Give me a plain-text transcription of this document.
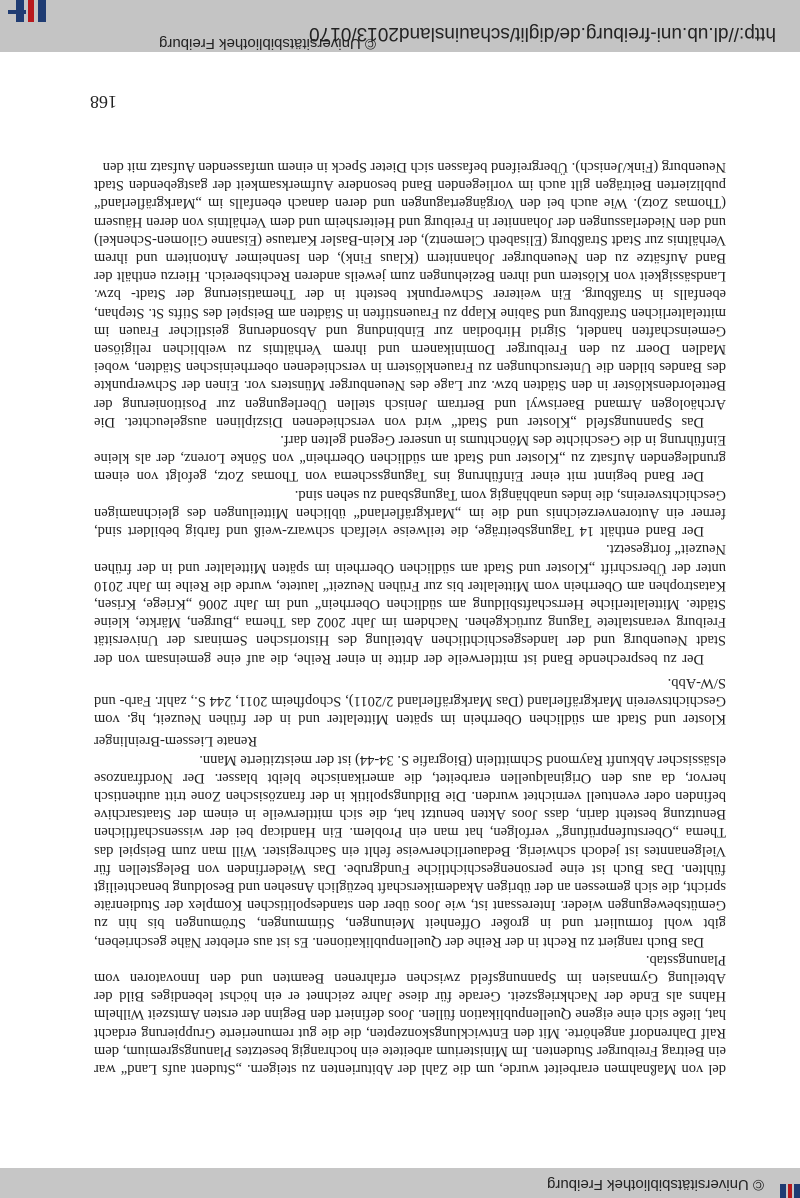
© Universitätsbibliothek Freiburg

del von Maßnahmen erarbeitet wurde, um die Zahl der Abiturienten zu steigern. „Student aufs Land“ war ein Beitrag Freiburger Studenten. Im Ministerium arbeitete ein hochrangig besetztes Planungsgremium, dem Ralf Dahrendorf angehörte. Mit den Entwicklungskonzepten, die die gut remunerierte Gruppierung erdacht hat, ließe sich eine eigene Quellenpublikation füllen. Joos definiert den Beginn der ersten Amtszeit Wilhelm Hahns als Ende der Nachkriegszeit. Gerade für diese Jahre zeichnet er ein höchst lebendiges Bild der Abteilung Gymnasien im Spannungsfeld zwischen erfahrenen Beamten und den Innovatoren vom Planungsstab.

Das Buch rangiert zu Recht in der Reihe der Quellenpublikationen. Es ist aus erlebter Nähe geschrieben, gibt wohl formuliert und in großer Offenheit Meinungen, Stimmungen, Strömungen bis hin zu Gemütsbewegungen wieder. Interessant ist, wie Joos über den standespolitischen Komplex der Studienräte spricht, die sich gemessen an der übrigen Akademikerschaft bezüglich Ansehen und Besoldung benachteiligt fühlten. Das Buch ist eine personengeschichtliche Fundgrube. Das Wiederfinden von Belegstellen für Vielgenanntes ist jedoch schwierig. Bedauerlicherweise fehlt ein Sachregister. Will man zum Beispiel das Thema „Oberstufenprüfung“ verfolgen, hat man ein Problem. Ein Handicap bei der wissenschaftlichen Benutzung besteht darin, dass Joos Akten benutzt hat, die sich mittlerweile in einem der Staatsarchive befinden oder eventuell vernichtet wurden. Die Bildungspolitik in der französischen Zone tritt authentisch hervor, da aus den Originalquellen erarbeitet, die amerikanische bleibt blasser. Der Nordfranzose elsässischer Abkunft Raymond Schmittlein (Biografie S. 34-44) ist der meistzitierte Mann.

Renate Liessem-Breinlinger

Kloster und Stadt am südlichen Oberrhein im späten Mittelalter und in der frühen Neuzeit, hg. vom Geschichtsverein Markgräflerland (Das Markgräflerland 2/2011), Schopfheim 2011, 244 S., zahlr. Farb- und S/W-Abb.

Der zu besprechende Band ist mittlerweile der dritte in einer Reihe, die auf eine gemeinsam von der Stadt Neuenburg und der landesgeschichtlichen Abteilung des Historischen Seminars der Universität Freiburg veranstaltete Tagung zurückgehen. Nachdem im Jahr 2002 das Thema „Burgen, Märkte, kleine Städte. Mittelalterliche Herrschaftsbildung am südlichen Oberrhein“ und im Jahr 2006 „Kriege, Krisen, Katastrophen am Oberrhein vom Mittelalter bis zur Frühen Neuzeit“ lautete, wurde die Reihe im Jahr 2010 unter der Überschrift „Kloster und Stadt am südlichen Oberrhein im späten Mittelalter und in der frühen Neuzeit“ fortgesetzt.

Der Band enthält 14 Tagungsbeiträge, die teilweise vielfach schwarz-weiß und farbig bebildert sind, ferner ein Autorenverzeichnis und die im „Markgräflerland“ üblichen Mitteilungen des gleichnamigen Geschichtsvereins, die indes unabhängig vom Tagungsband zu sehen sind.

Der Band beginnt mit einer Einführung ins Tagungsschema von Thomas Zotz, gefolgt von einem grundlegenden Aufsatz zu „Kloster und Stadt am südlichen Oberrhein“ von Sönke Lorenz, der als kleine Einführung in die Geschichte des Mönchtums in unserer Gegend gelten darf.

Das Spannungsfeld „Kloster und Stadt“ wird von verschiedenen Disziplinen ausgeleuchtet. Die Archäologen Armand Baeriswyl und Bertram Jenisch stellen Überlegungen zur Positionierung der Bettelordensklöster in den Städten bzw. zur Lage des Neuenburger Münsters vor. Einen der Schwerpunkte des Bandes bilden die Untersuchungen zu Frauenklöstern in verschiedenen oberrheinischen Städten, wobei Madlen Doerr zu den Freiburger Dominikanern und ihrem Verhältnis zu weiblichen religiösen Gemeinschaften handelt, Sigrid Hirbodian zur Einbindung und Absonderung geistlicher Frauen im mittelalterlichen Straßburg und Sabine Klapp zu Frauenstiften in Städten am Beispiel des Stifts St. Stephan, ebenfalls in Straßburg. Ein weiterer Schwerpunkt besteht in der Thematisierung der Stadt- bzw. Landsässigkeit von Klöstern und ihren Beziehungen zum jeweils anderen Rechtsbereich. Hierzu enthält der Band Aufsätze zu den Neuenburger Johannitern (Klaus Fink), den Isenheimer Antonitern und ihrem Verhältnis zur Stadt Straßburg (Elisabeth Clementz), der Klein-Basler Kartause (Eisanne Gilomen-Schenkel) und den Niederlassungen der Johanniter in Freiburg und Heitersheim und dem Verhältnis von deren Häusern (Thomas Zotz). Wie auch bei den Vorgängertagungen und deren danach ebenfalls im „Markgräflerland“ publizierten Beiträgen gilt auch im vorliegenden Band besondere Aufmerksamkeit der gastgebenden Stadt Neuenburg (Fink/Jenisch). Übergreifend befassen sich Dieter Speck in einem umfassenden Aufsatz mit den

168
© Universitätsbibliothek Freiburg
http://dl.ub.uni-freiburg.de/diglit/schauinsland2013/0170
